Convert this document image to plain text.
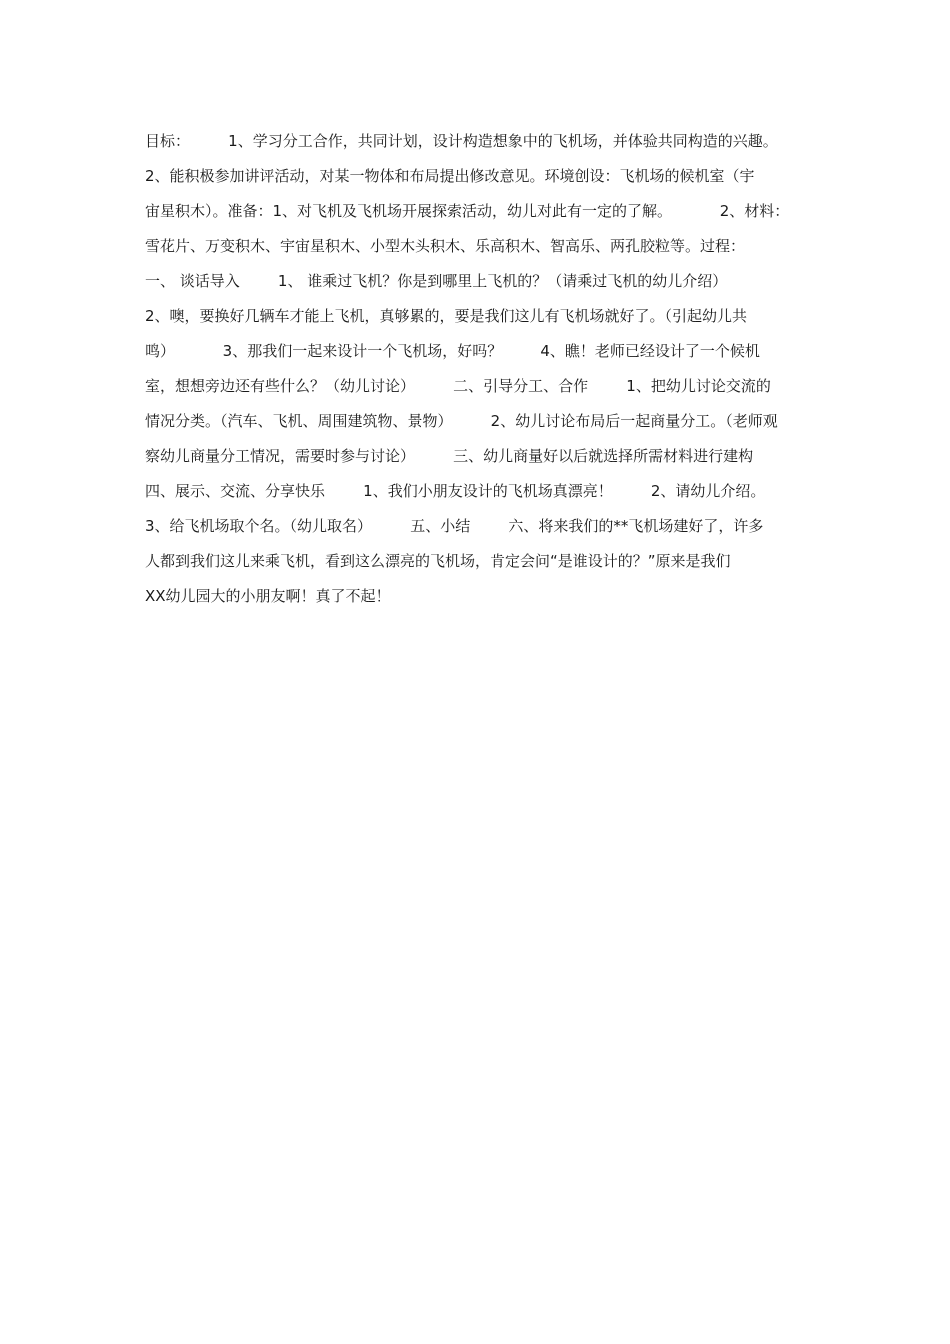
目标：        1、学习分工合作，共同计划，设计构造想象中的飞机场，并体验共同构造的兴趣。
2、能积极参加讲评活动，对某一物体和布局提出修改意见。环境创设：飞机场的候机室（宇
宙星积木）。准备：1、对飞机及飞机场开展探索活动，幼儿对此有一定的了解。          2、材料：
雪花片、万变积木、宇宙星积木、小型木头积木、乐高积木、智高乐、两孔胶粒等。过程：
一、 谈话导入        1、 谁乘过飞机？你是到哪里上飞机的？（请乘过飞机的幼儿介绍）
2、噢，要换好几辆车才能上飞机，真够累的，要是我们这儿有飞机场就好了。（引起幼儿共
鸣）          3、那我们一起来设计一个飞机场，好吗？        4、瞧！老师已经设计了一个候机
室，想想旁边还有些什么？（幼儿讨论）        二、引导分工、合作        1、把幼儿讨论交流的
情况分类。（汽车、飞机、周围建筑物、景物）        2、幼儿讨论布局后一起商量分工。（老师观
察幼儿商量分工情况，需要时参与讨论）        三、幼儿商量好以后就选择所需材料进行建构
四、展示、交流、分享快乐        1、我们小朋友设计的飞机场真漂亮！        2、请幼儿介绍。
3、给飞机场取个名。（幼儿取名）        五、小结        六、将来我们的**飞机场建好了，许多
人都到我们这儿来乘飞机，看到这么漂亮的飞机场，肯定会问“是谁设计的？”原来是我们
XX幼儿园大的小朋友啊！真了不起！
